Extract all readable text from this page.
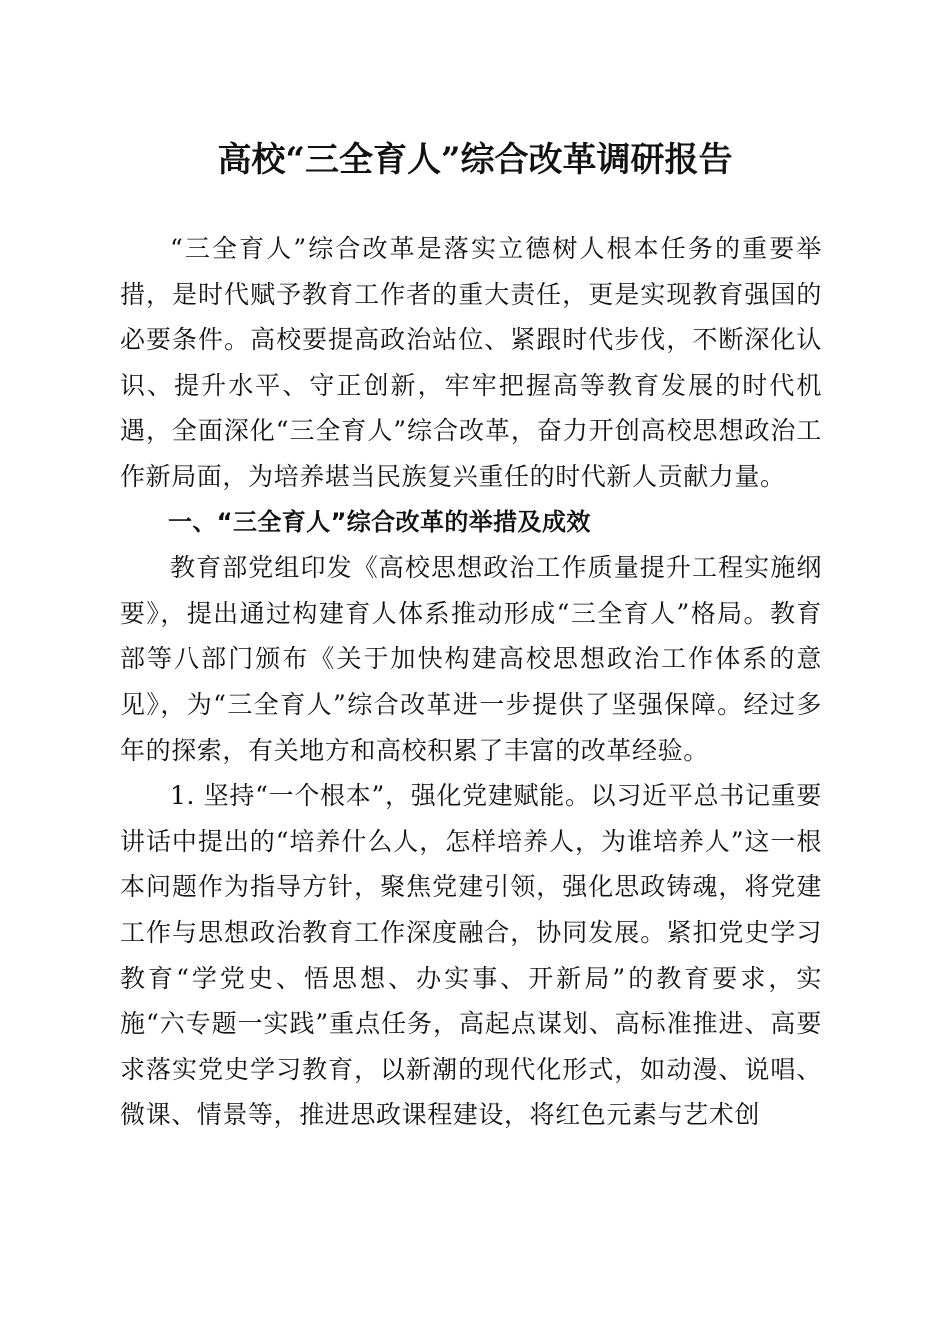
高校“三全育人”综合改革调研报告

“三全育人”综合改革是落实立德树人根本任务的重要举措，是时代赋予教育工作者的重大责任，更是实现教育强国的必要条件。高校要提高政治站位、紧跟时代步伐，不断深化认识、提升水平、守正创新，牢牢把握高等教育发展的时代机遇，全面深化“三全育人”综合改革，奋力开创高校思想政治工作新局面，为培养堪当民族复兴重任的时代新人贡献力量。

一、“三全育人”综合改革的举措及成效

教育部党组印发《高校思想政治工作质量提升工程实施纲要》，提出通过构建育人体系推动形成“三全育人”格局。教育部等八部门颁布《关于加快构建高校思想政治工作体系的意见》，为“三全育人”综合改革进一步提供了坚强保障。经过多年的探索，有关地方和高校积累了丰富的改革经验。

1. 坚持“一个根本”，强化党建赋能。以习近平总书记重要讲话中提出的“培养什么人，怎样培养人，为谁培养人”这一根本问题作为指导方针，聚焦党建引领，强化思政铸魂，将党建工作与思想政治教育工作深度融合，协同发展。紧扣党史学习教育“学党史、悟思想、办实事、开新局”的教育要求，实施“六专题一实践”重点任务，高起点谋划、高标准推进、高要求落实党史学习教育，以新潮的现代化形式，如动漫、说唱、微课、情景等，推进思政课程建设，将红色元素与艺术创
